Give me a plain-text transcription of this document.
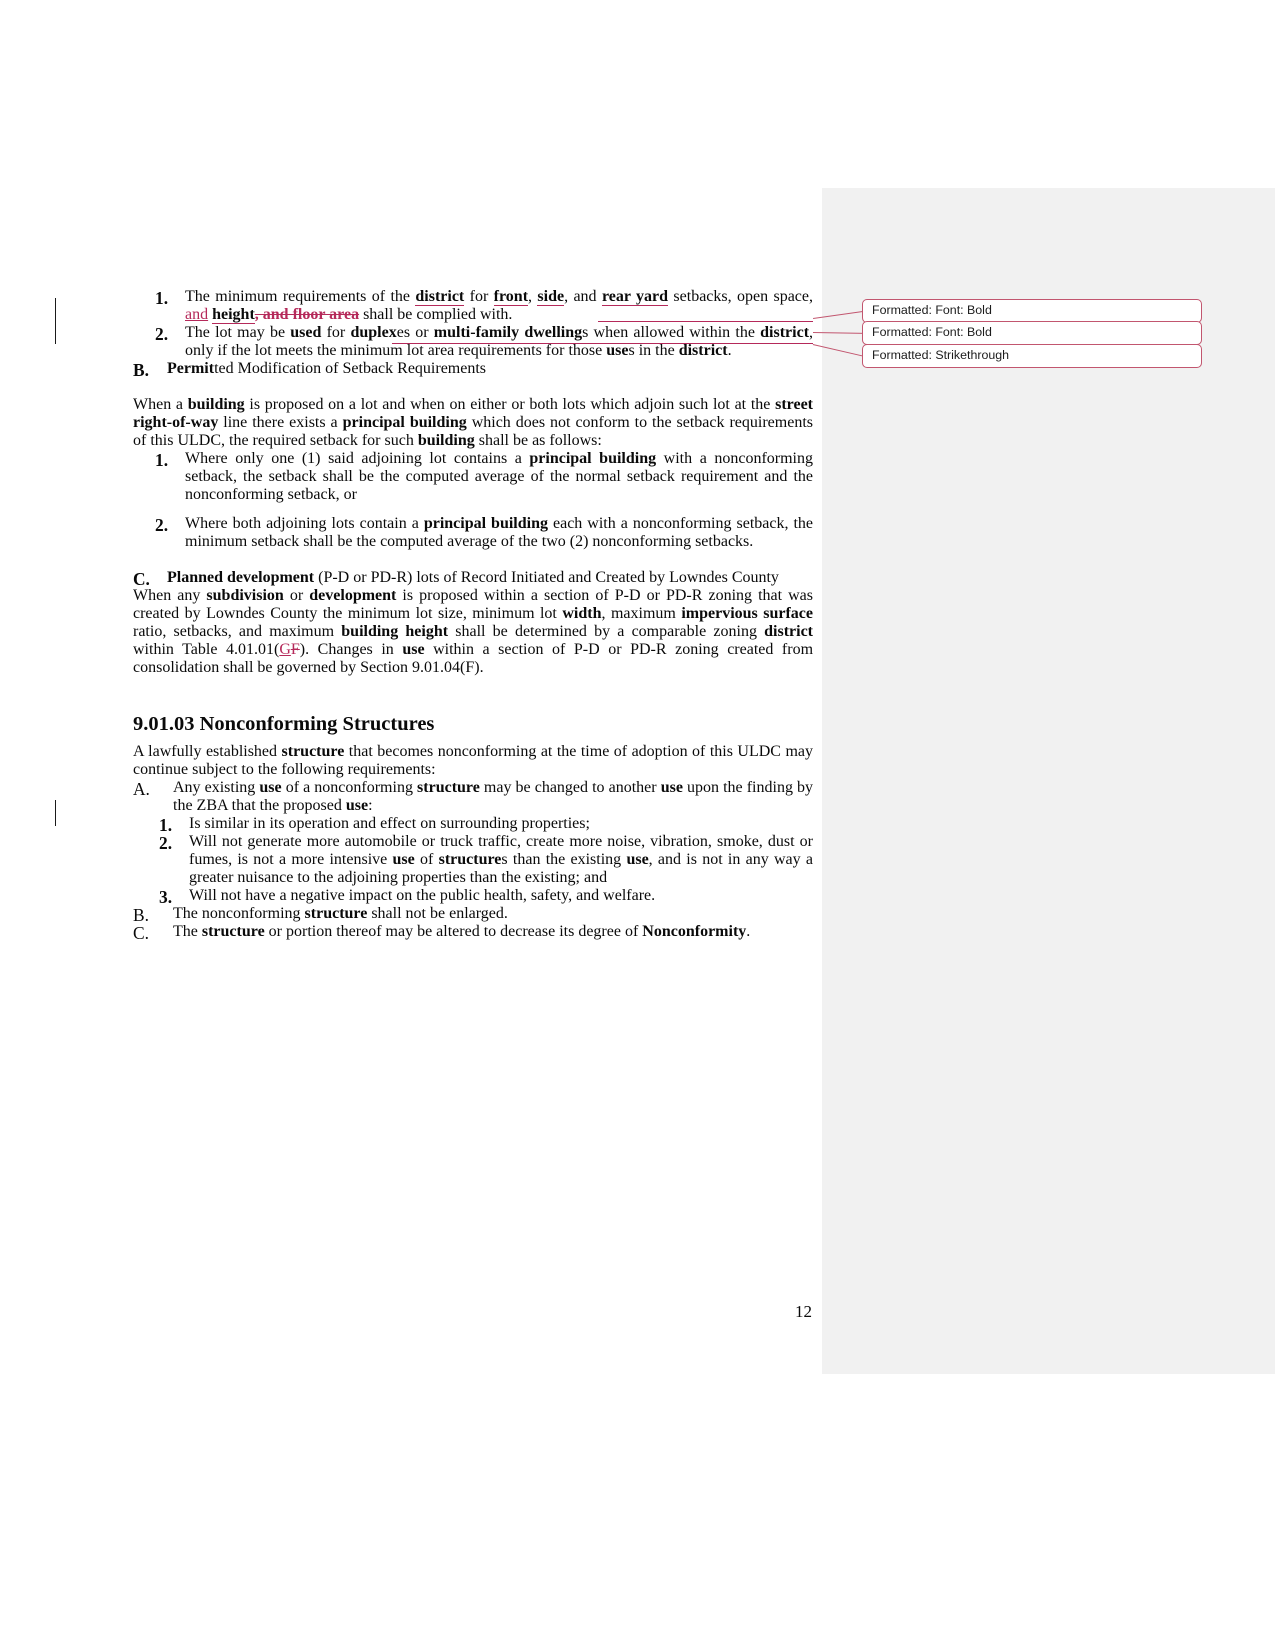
Formatted: Font: Bold
Formatted: Font: Bold
Formatted: Strikethrough
1.	The minimum requirements of the district for front, side, and rear yard setbacks, open space, and height, and floor area shall be complied with.
2.	The lot may be used for duplexes or multi-family dwellings when allowed within the district, only if the lot meets the minimum lot area requirements for those uses in the district.
B. Permitted Modification of Setback Requirements
When a building is proposed on a lot and when on either or both lots which adjoin such lot at the street right-of-way line there exists a principal building which does not conform to the setback requirements of this ULDC, the required setback for such building shall be as follows:
1.	Where only one (1) said adjoining lot contains a principal building with a nonconforming setback, the setback shall be the computed average of the normal setback requirement and the nonconforming setback, or
2.	Where both adjoining lots contain a principal building each with a nonconforming setback, the minimum setback shall be the computed average of the two (2) nonconforming setbacks.
C. Planned development (P-D or PD-R) lots of Record Initiated and Created by Lowndes County
When any subdivision or development is proposed within a section of P-D or PD-R zoning that was created by Lowndes County the minimum lot size, minimum lot width, maximum impervious surface ratio, setbacks, and maximum building height shall be determined by a comparable zoning district within Table 4.01.01(GF). Changes in use within a section of P-D or PD-R zoning created from consolidation shall be governed by Section 9.01.04(F).
9.01.03 Nonconforming Structures
A lawfully established structure that becomes nonconforming at the time of adoption of this ULDC may continue subject to the following requirements:
A. Any existing use of a nonconforming structure may be changed to another use upon the finding by the ZBA that the proposed use:
1.	Is similar in its operation and effect on surrounding properties;
2.	Will not generate more automobile or truck traffic, create more noise, vibration, smoke, dust or fumes, is not a more intensive use of structures than the existing use, and is not in any way a greater nuisance to the adjoining properties than the existing; and
3.	Will not have a negative impact on the public health, safety, and welfare.
B. The nonconforming structure shall not be enlarged.
C. The structure or portion thereof may be altered to decrease its degree of Nonconformity.
12
